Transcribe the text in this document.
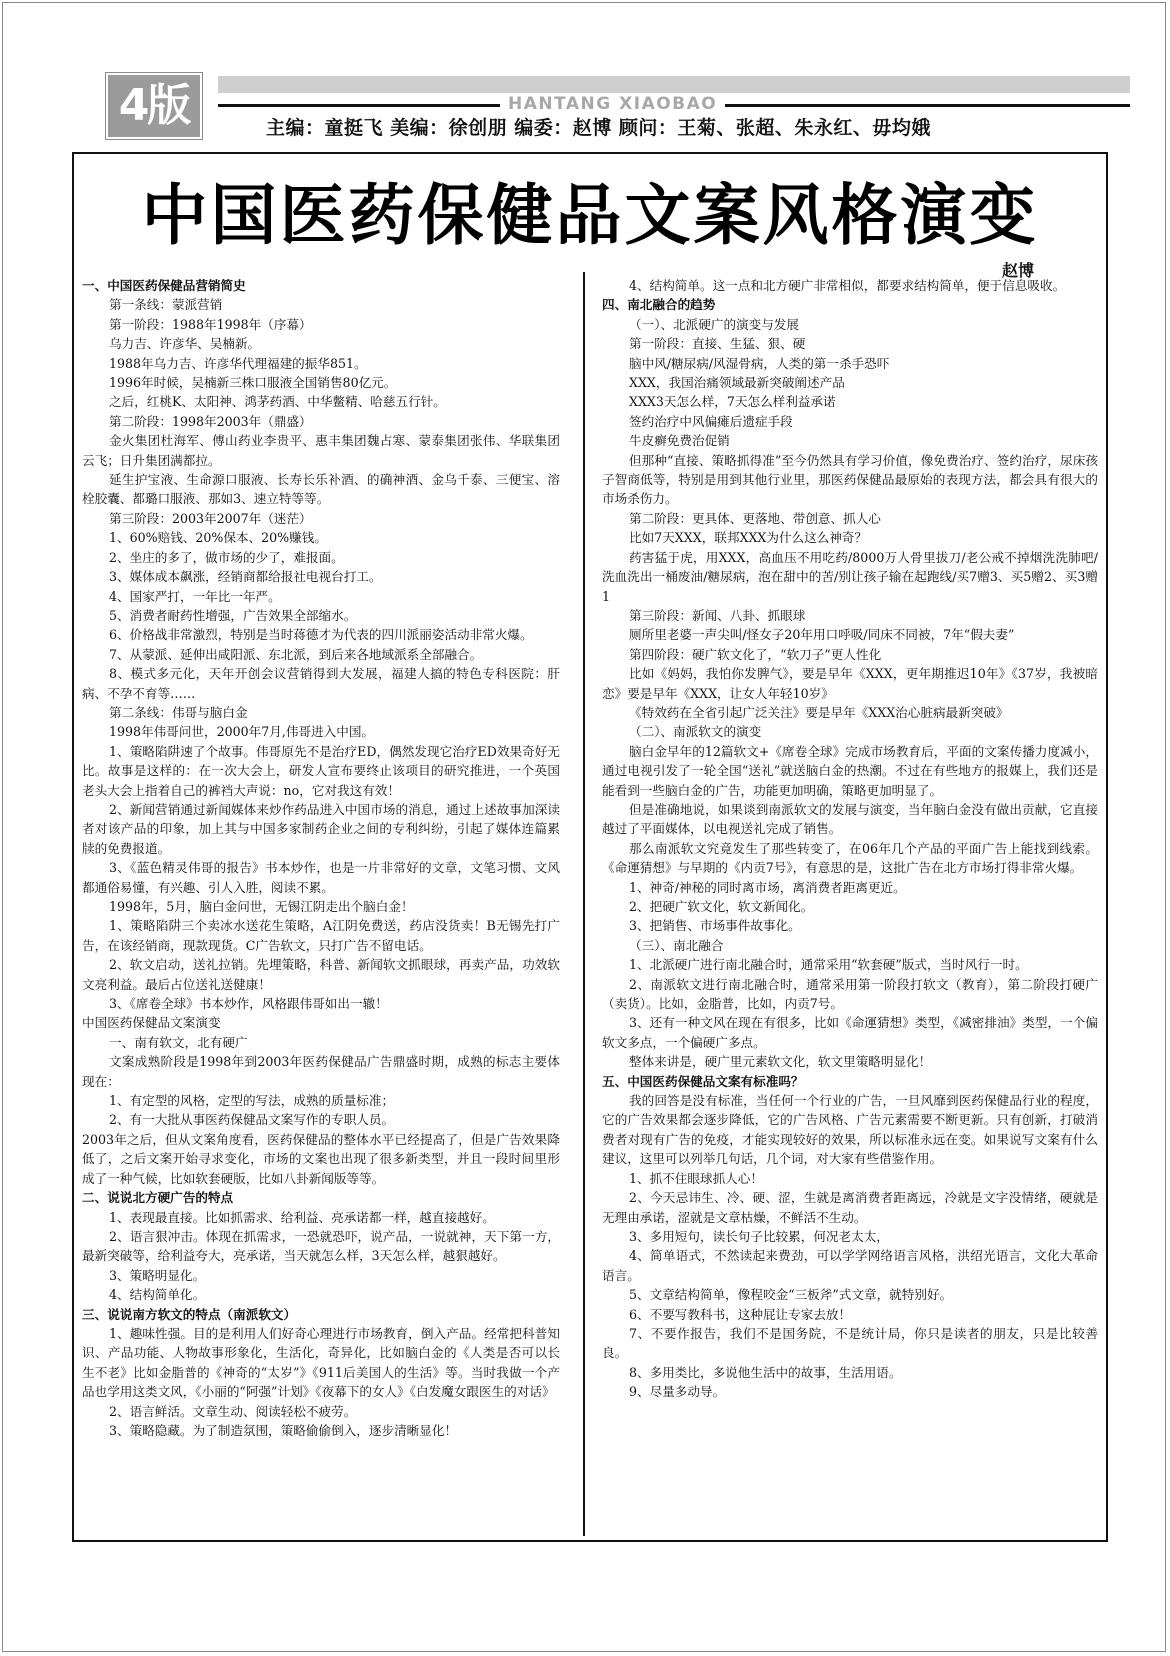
4版	HANTANG XIAOBAO
主编：童挺飞 美编：徐创朋 编委：赵博 顾问：王菊、张超、朱永红、毋均娥
中国医药保健品文案风格演变
赵博

一、中国医药保健品营销简史

第一条线：蒙派营销

第一阶段：1988年1998年（序幕）

乌力吉、许彦华、吴楠新。

1988年乌力吉、许彦华代理福建的振华851。

1996年时候，吴楠新三株口服液全国销售80亿元。

之后，红桃K、太阳神、鸿茅药酒、中华鳖精、哈慈五行针。

第二阶段：1998年2003年（鼎盛）

金火集团杜海军、傅山药业李贵平、惠丰集团魏占寒、蒙泰集团张伟、华联集团云飞；日升集团满都拉。

延生护宝液、生命源口服液、长寿长乐补酒、的确神酒、金乌千泰、三便宝、溶栓胶囊、都璐口服液、那如3、速立特等等。

第三阶段：2003年2007年（迷茫）

1、60%赔钱、20%保本、20%赚钱。

2、坐庄的多了，做市场的少了，难报面。

3、媒体成本飙涨，经销商都给报社电视台打工。

4、国家严打，一年比一年严。

5、消费者耐药性增强，广告效果全部缩水。

6、价格战非常激烈，特别是当时蒋德才为代表的四川派丽姿活动非常火爆。

7、从蒙派、延伸出咸阳派、东北派，到后来各地域派系全部融合。

8、模式多元化，天年开创会议营销得到大发展，福建人搞的特色专科医院：肝病、不孕不育等……

第二条线：伟哥与脑白金

1998年伟哥问世，2000年7月,伟哥进入中国。

1、策略陷阱速了个故事。伟哥原先不是治疗ED，偶然发现它治疗ED效果奇好无比。故事是这样的：在一次大会上，研发人宣布要终止该项目的研究推进，一个英国老头大会上指着自己的裤裆大声说：no，它对我这有效！

2、新闻营销通过新闻媒体来炒作药品进入中国市场的消息，通过上述故事加深读者对该产品的印象，加上其与中国多家制药企业之间的专利纠纷，引起了媒体连篇累牍的免费报道。

3、《蓝色精灵伟哥的报告》书本炒作，也是一片非常好的文章，文笔习惯、文风都通俗易懂，有兴趣、引人入胜，阅读不累。

1998年，5月，脑白金问世，无锡江阴走出个脑白金！

1、策略陷阱三个卖冰水送花生策略，A江阴免费送，药店没货卖！B无锡先打广告，在该经销商，现款现货。C广告软文，只打广告不留电话。

2、软文启动，送礼拉销。先埋策略，科普、新闻软文抓眼球，再卖产品，功效软文亮利益。最后占位送礼送健康！

3、《席卷全球》书本炒作，风格跟伟哥如出一辙！

中国医药保健品文案演变

一、南有软文，北有硬广

文案成熟阶段是1998年到2003年医药保健品广告鼎盛时期，成熟的标志主要体现在：

1、有定型的风格，定型的写法，成熟的质量标准；

2、有一大批从事医药保健品文案写作的专职人员。

2003年之后，但从文案角度看，医药保健品的整体水平已经提高了，但是广告效果降低了，之后文案开始寻求变化，市场的文案也出现了很多新类型，并且一段时间里形成了一种气候，比如软套硬版，比如八卦新闻版等等。

二、说说北方硬广告的特点

1、表现最直接。比如抓需求、给利益、亮承诺都一样，越直接越好。

2、语言狠冲击。体现在抓需求，一恐就恐吓，说产品，一说就神，天下第一方，最新突破等，给利益夸大，亮承诺，当天就怎么样，3天怎么样，越狠越好。

3、策略明显化。

4、结构简单化。

三、说说南方软文的特点（南派软文）

1、趣味性强。目的是利用人们好奇心理进行市场教育，倒入产品。经常把科普知识、产品功能、人物故事形象化，生活化，奇异化，比如脑白金的《人类是否可以长生不老》比如金脂普的《神奇的“太岁”》《911后美国人的生活》等。当时我做一个产品也学用这类文风，《小丽的“阿强”计划》《夜幕下的女人》《白发魔女跟医生的对话》

2、语言鲜活。文章生动、阅读轻松不疲劳。

3、策略隐藏。为了制造氛围，策略偷偷倒入，逐步清晰显化！

4、结构简单。这一点和北方硬广非常相似，都要求结构简单，便于信息吸收。

四、南北融合的趋势

（一）、北派硬广的演变与发展

第一阶段：直接、生猛、狠、硬

脑中风/糖尿病/风湿骨病，人类的第一杀手恐吓

XXX，我国治痛领域最新突破阐述产品

XXX3天怎么样，7天怎么样利益承诺

签约治疗中风偏瘫后遗症手段

牛皮癣免费治促销

但那种“直接、策略抓得准”至今仍然具有学习价值，像免费治疗、签约治疗，尿床孩子智商低等，特别是用到其他行业里，那医药保健品最原始的表现方法，都会具有很大的市场杀伤力。

第二阶段：更具体、更落地、带创意、抓人心

比如7天XXX，联邦XXX为什么这么神奇？

药害猛于虎，用XXX，高血压不用吃药/8000万人骨里拔刀/老公戒不掉烟洗洗肺吧/洗血洗出一桶废油/糖尿病，泡在甜中的苦/别让孩子输在起跑线/买7赠3、买5赠2、买3赠1

第三阶段：新闻、八卦、抓眼球

厕所里老婆一声尖叫/怪女子20年用口呼吸/同床不同被，7年“假夫妻”

第四阶段：硬广软文化了，“软刀子”更人性化

比如《妈妈，我怕你发脾气》，要是早年《XXX，更年期推迟10年》《37岁，我被暗恋》要是早年《XXX，让女人年轻10岁》

《特效药在全省引起广泛关注》要是早年《XXX治心脏病最新突破》

（二）、南派软文的演变

脑白金早年的12篇软文+《席卷全球》完成市场教育后，平面的文案传播力度减小，通过电视引发了一轮全国“送礼”就送脑白金的热潮。不过在有些地方的报媒上，我们还是能看到一些脑白金的广告，功能更加明确，策略更加明显了。

但是准确地说，如果谈到南派软文的发展与演变，当年脑白金没有做出贡献，它直接越过了平面媒体，以电视送礼完成了销售。

那么南派软文究竟发生了那些转变了，在06年几个产品的平面广告上能找到线索。《命運猜想》与早期的《内贡7号》，有意思的是，这批广告在北方市场打得非常火爆。

1、神奇/神秘的同时离市场，离消费者距离更近。

2、把硬广软文化，软文新闻化。

3、把销售、市场事件故事化。

（三）、南北融合

1、北派硬广进行南北融合时，通常采用“软套硬”版式，当时风行一时。

2、南派软文进行南北融合时，通常采用第一阶段打软文（教育），第二阶段打硬广（卖货）。比如，金脂普，比如，内贡7号。

3、还有一种文风在现在有很多，比如《命運猜想》类型，《减密排油》类型，一个偏软文多点，一个偏硬广多点。

整体来讲是，硬广里元素软文化，软文里策略明显化！

五、中国医药保健品文案有标准吗？

我的回答是没有标准，当任何一个行业的广告，一旦风靡到医药保健品行业的程度，它的广告效果都会逐步降低，它的广告风格、广告元素需要不断更新。只有创新，打破消费者对现有广告的免疫，才能实现较好的效果，所以标准永远在变。如果说写文案有什么建议，这里可以列举几句话，几个词，对大家有些借鉴作用。

1、抓不住眼球抓人心！

2、今天忌讳生、冷、硬、涩，生就是离消费者距离远，冷就是文字没情绪，硬就是无理由承诺，涩就是文章枯燥，不鲜活不生动。

3、多用短句，读长句子比较累，何况老太太，

4、简单语式，不然读起来费劲，可以学学网络语言风格，洪绍光语言，文化大革命语言。

5、文章结构简单，像程咬金“三板斧”式文章，就特别好。

6、不要写教科书，这种屁让专家去放！

7、不要作报告，我们不是国务院，不是统计局，你只是读者的朋友，只是比较善良。

8、多用类比，多说他生活中的故事，生活用语。

9、尽量多动导。
